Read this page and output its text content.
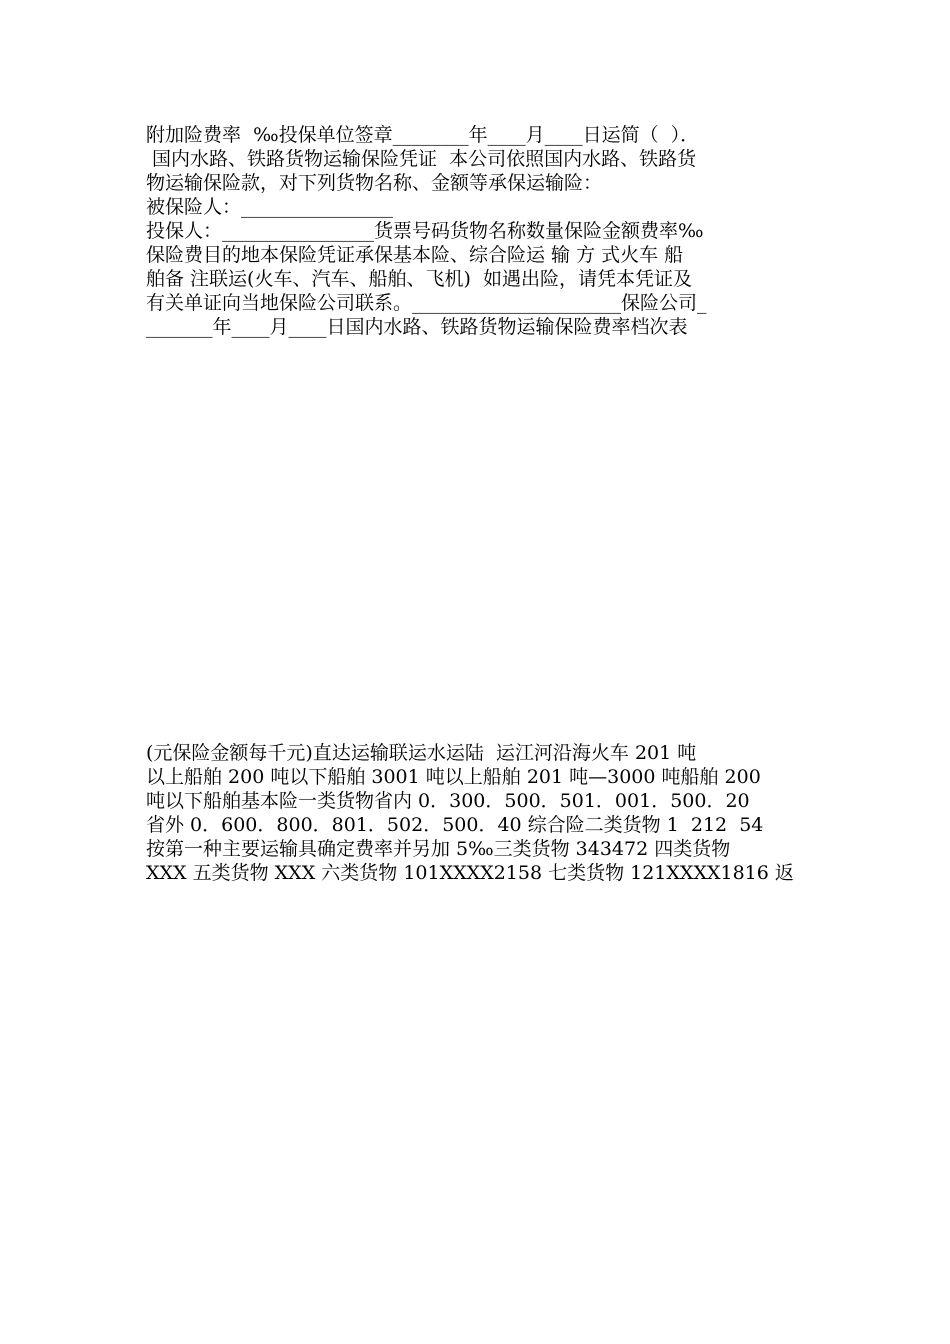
附加险费率  ‰投保单位签章________年____月____日运简（  ）．
国内水路、铁路货物运输保险凭证  本公司依照国内水路、铁路货
物运输保险款，对下列货物名称、金额等承保运输险：
被保险人：________________
投保人：________________货票号码货物名称数量保险金额费率‰
保险费目的地本保险凭证承保基本险、综合险运 输 方 式火车 船
舶备 注联运(火车、汽车、船舶、飞机)  如遇出险，请凭本凭证及
有关单证向当地保险公司联系。______________________保险公司_
_______年____月____日国内水路、铁路货物运输保险费率档次表
(元保险金额每千元)直达运输联运水运陆  运江河沿海火车 201 吨
以上船舶 200 吨以下船舶 3001 吨以上船舶 201 吨—3000 吨船舶 200
吨以下船舶基本险一类货物省内 0．300．500．501．001．500．20
省外 0．600．800．801．502．500．40 综合险二类货物 1  212  54
按第一种主要运输具确定费率并另加 5‰三类货物 343472 四类货物
XXX 五类货物 XXX 六类货物 101XXXX2158 七类货物 121XXXX1816 返
